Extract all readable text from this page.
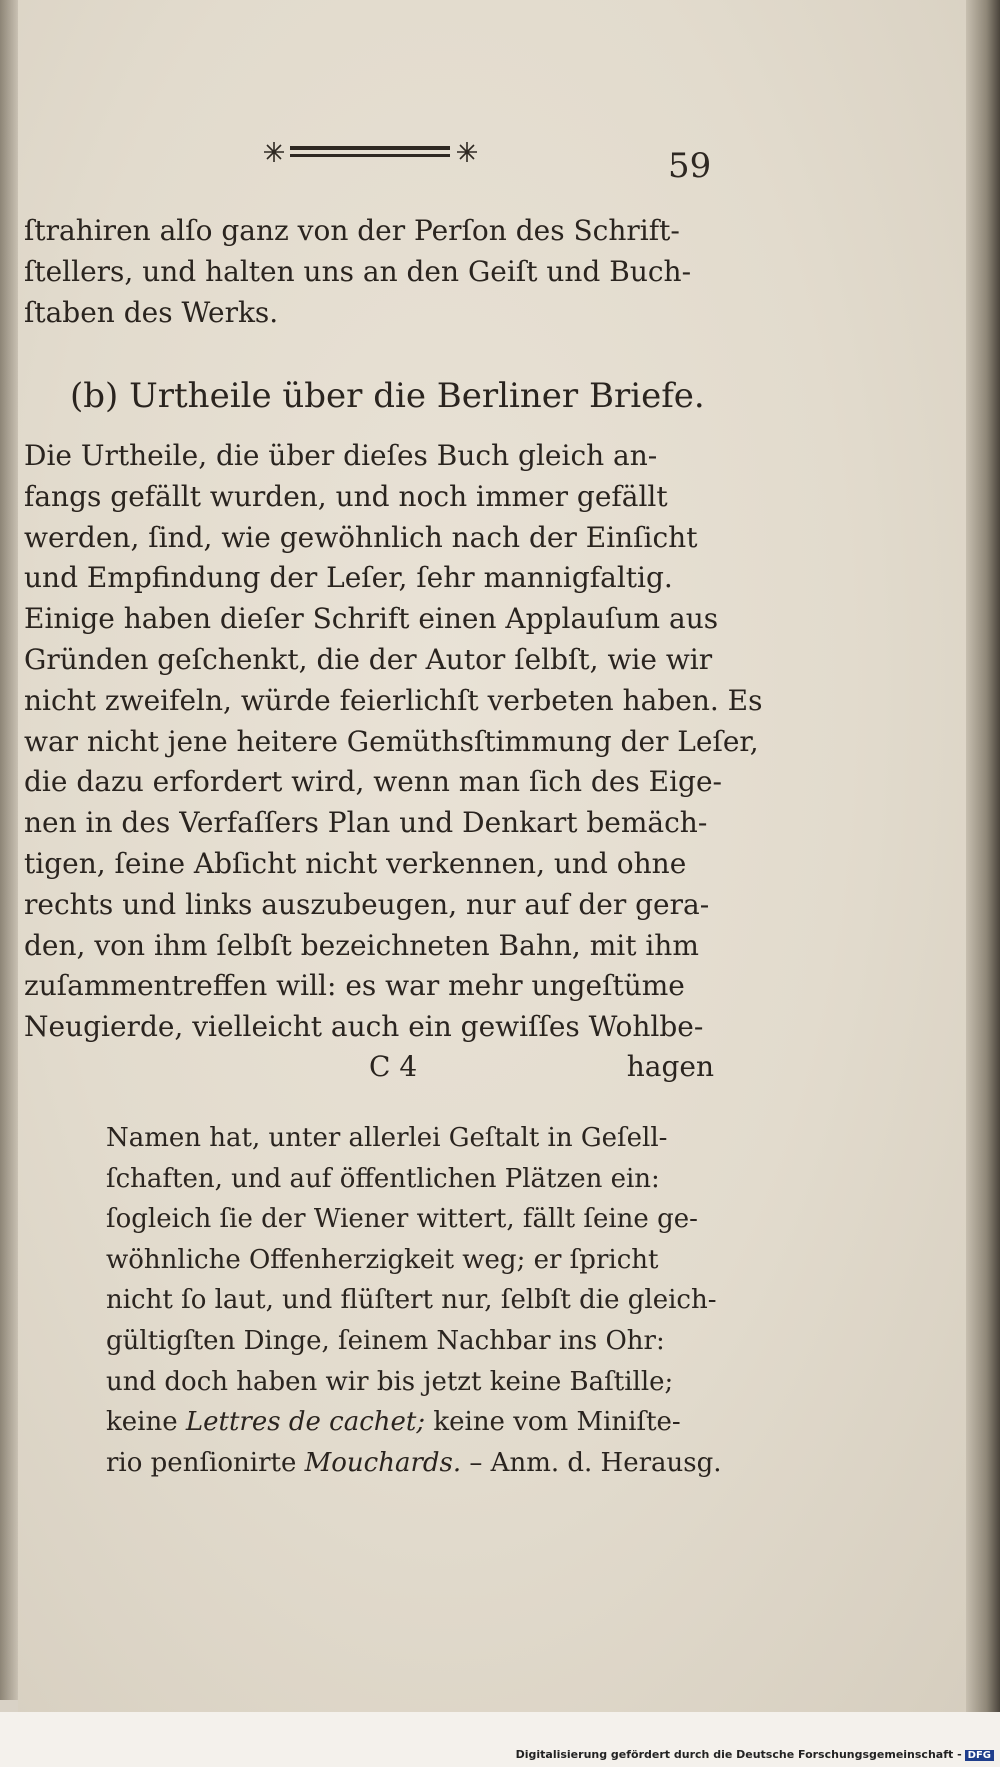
59
ſtrahiren alſo ganz von der Perſon des Schrift-
ſtellers, und halten uns an den Geiſt und Buch-
ſtaben des Werks.
(b) Urtheile über die Berliner Briefe.
Die Urtheile, die über dieſes Buch gleich an-
fangs gefällt wurden, und noch immer gefällt
werden, ſind, wie gewöhnlich nach der Einſicht
und Empfindung der Leſer, ſehr mannigfaltig.
Einige haben dieſer Schrift einen Applauſum aus
Gründen geſchenkt, die der Autor ſelbſt, wie wir
nicht zweifeln, würde feierlichſt verbeten haben. Es
war nicht jene heitere Gemüthsſtimmung der Leſer,
die dazu erfordert wird, wenn man ſich des Eige-
nen in des Verfaſſers Plan und Denkart bemäch-
tigen, ſeine Abſicht nicht verkennen, und ohne
rechts und links auszubeugen, nur auf der gera-
den, von ihm ſelbſt bezeichneten Bahn, mit ihm
zuſammentreffen will: es war mehr ungeſtüme
Neugierde, vielleicht auch ein gewiſſes Wohlbe-
C 4	hagen
Namen hat, unter allerlei Geſtalt in Geſell-
ſchaften, und auf öffentlichen Plätzen ein:
ſogleich ſie der Wiener wittert, fällt ſeine ge-
wöhnliche Offenherzigkeit weg; er ſpricht
nicht ſo laut, und flüſtert nur, ſelbſt die gleich-
gültigſten Dinge, ſeinem Nachbar ins Ohr:
und doch haben wir bis jetzt keine Baſtille;
keine Lettres de cachet; keine vom Miniſte-
rio penſionirte Mouchards. – Anm. d. Herausg.
Digitalisierung gefördert durch die Deutsche Forschungsgemeinschaft - DFG
